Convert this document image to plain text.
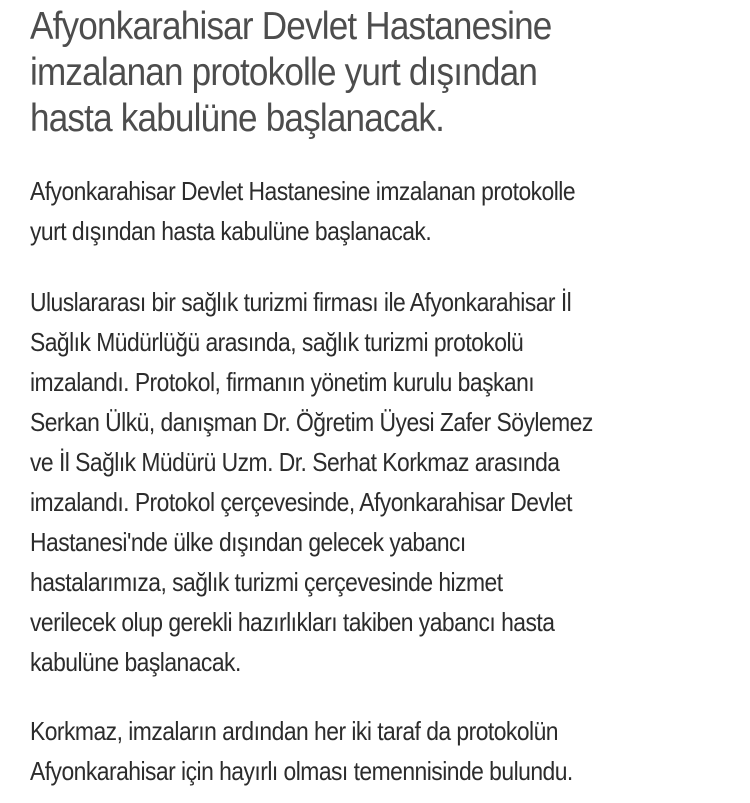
Afyonkarahisar Devlet Hastanesine
imzalanan protokolle yurt dışından
hasta kabulüne başlanacak.

Afyonkarahisar Devlet Hastanesine imzalanan protokolle
yurt dışından hasta kabulüne başlanacak.

Uluslararası bir sağlık turizmi firması ile Afyonkarahisar İl
Sağlık Müdürlüğü arasında, sağlık turizmi protokolü
imzalandı. Protokol, firmanın yönetim kurulu başkanı
Serkan Ülkü, danışman Dr. Öğretim Üyesi Zafer Söylemez
ve İl Sağlık Müdürü Uzm. Dr. Serhat Korkmaz arasında
imzalandı. Protokol çerçevesinde, Afyonkarahisar Devlet
Hastanesi'nde ülke dışından gelecek yabancı
hastalarımıza, sağlık turizmi çerçevesinde hizmet
verilecek olup gerekli hazırlıkları takiben yabancı hasta
kabulüne başlanacak.

Korkmaz, imzaların ardından her iki taraf da protokolün
Afyonkarahisar için hayırlı olması temennisinde bulundu.
